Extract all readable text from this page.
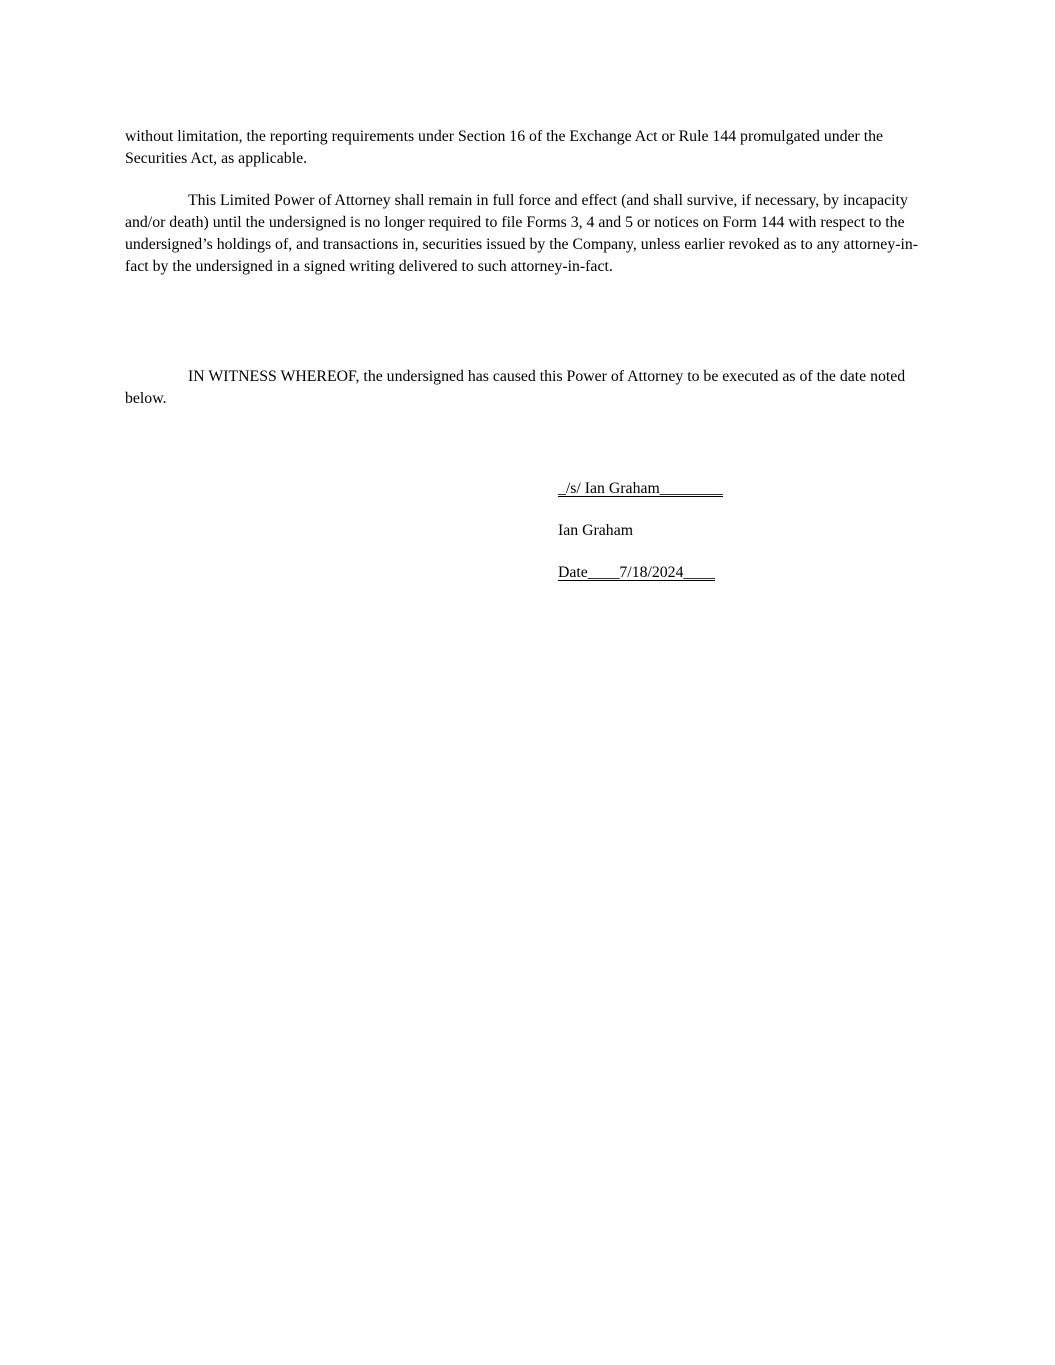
without limitation, the reporting requirements under Section 16 of the Exchange Act or Rule 144 promulgated under the Securities Act, as applicable.

This Limited Power of Attorney shall remain in full force and effect (and shall survive, if necessary, by incapacity and/or death) until the undersigned is no longer required to file Forms 3, 4 and 5 or notices on Form 144 with respect to the undersigned’s holdings of, and transactions in, securities issued by the Company, unless earlier revoked as to any attorney-in-fact by the undersigned in a signed writing delivered to such attorney-in-fact.

IN WITNESS WHEREOF, the undersigned has caused this Power of Attorney to be executed as of the date noted below.

_/s/ Ian Graham________
Ian Graham
Date____7/18/2024____
